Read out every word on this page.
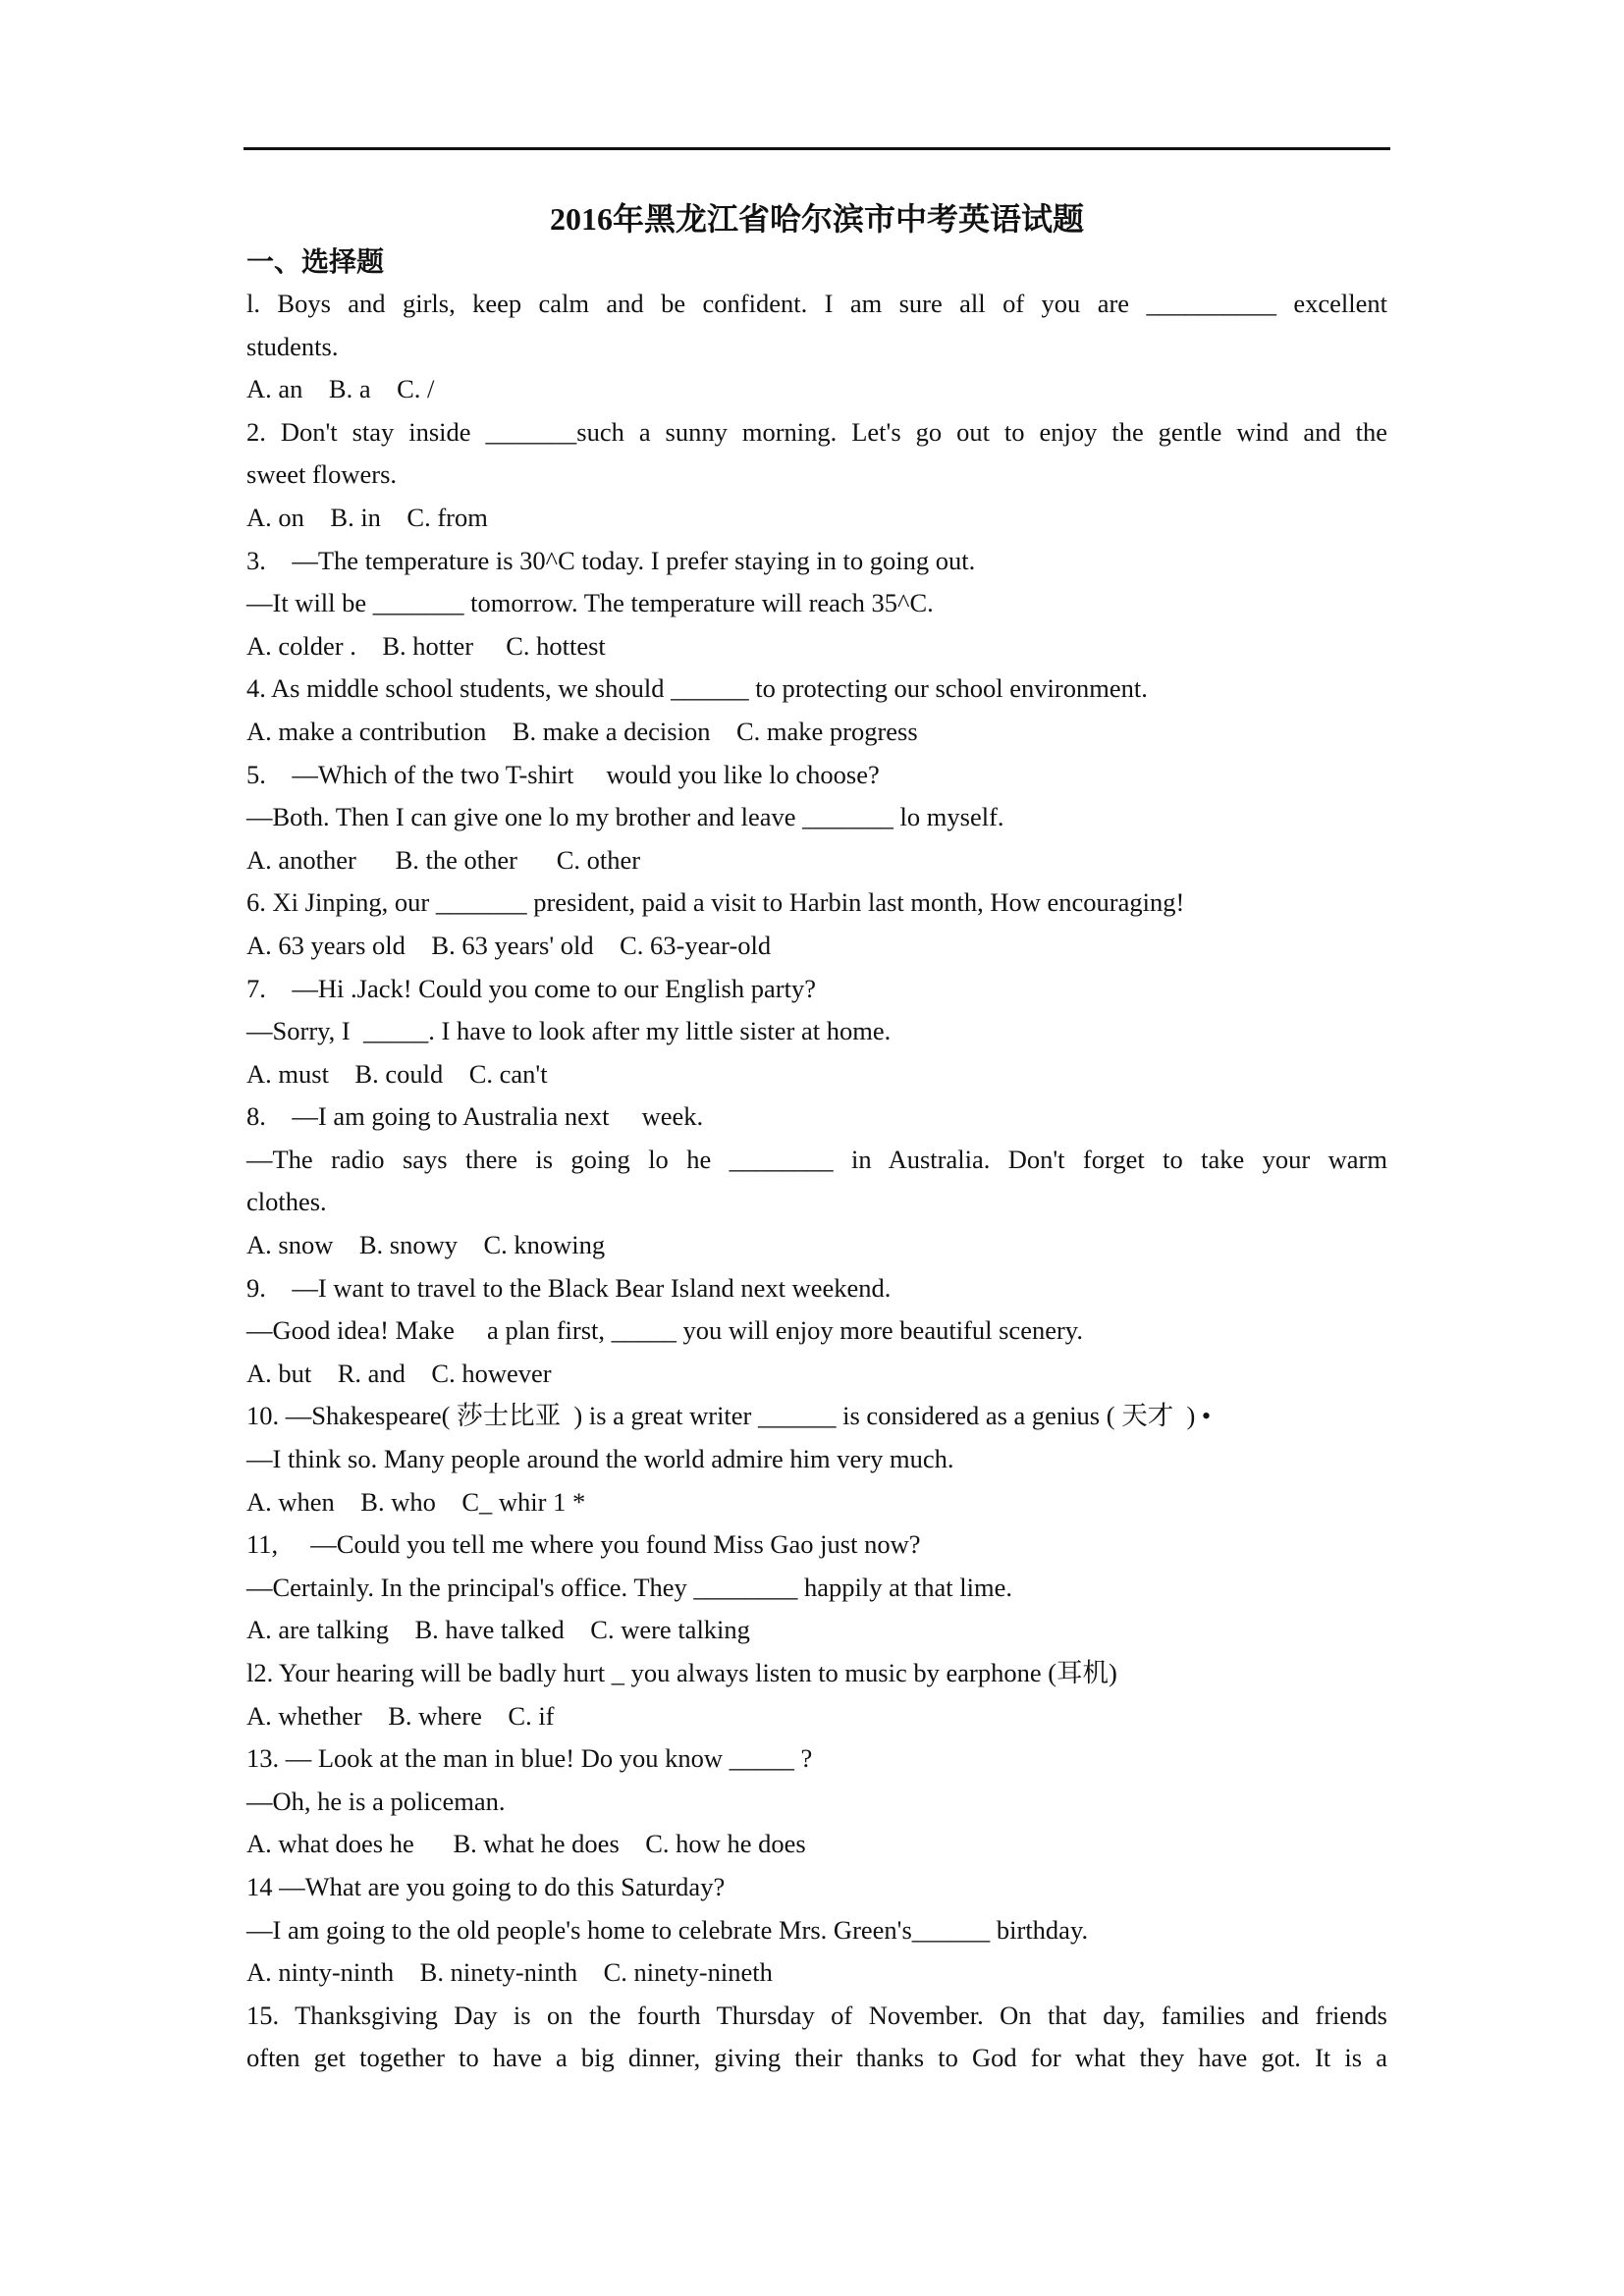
2016年黑龙江省哈尔滨市中考英语试题
一、选择题
l. Boys and girls, keep calm and be confident. I am sure all of you are __________ excellent
students.
A. an    B. a    C. /
2. Don't stay inside _______such a sunny morning. Let's go out to enjoy the gentle wind and the
sweet flowers.
A. on    B. in    C. from
3.    —The temperature is 30^C today. I prefer staying in to going out.
—It will be _______ tomorrow. The temperature will reach 35^C.
A. colder .    B. hotter     C. hottest
4. As middle school students, we should ______ to protecting our school environment.
A. make a contribution    B. make a decision    C. make progress
5.    —Which of the two T-shirt     would you like lo choose?
—Both. Then I can give one lo my brother and leave _______ lo myself.
A. another      B. the other      C. other
6. Xi Jinping, our _______ president, paid a visit to Harbin last month, How encouraging!
A. 63 years old    B. 63 years' old    C. 63-year-old
7.    —Hi .Jack! Could you come to our English party?
—Sorry, I  _____. I have to look after my little sister at home.
A. must    B. could    C. can't
8.    —I am going to Australia next     week.
—The radio says there is going lo he ________ in Australia. Don't forget to take your warm
clothes.
A. snow    B. snowy    C. knowing
9.    —I want to travel to the Black Bear Island next weekend.
—Good idea! Make     a plan first, _____ you will enjoy more beautiful scenery.
A. but    R. and    C. however
10. —Shakespeare( 莎士比亚  ) is a great writer ______ is considered as a genius ( 天才  ) •
—I think so. Many people around the world admire him very much.
A. when    B. who    C_ whir 1 *
11,     —Could you tell me where you found Miss Gao just now?
—Certainly. In the principal's office. They ________ happily at that lime.
A. are talking    B. have talked    C. were talking
l2. Your hearing will be badly hurt _ you always listen to music by earphone (耳机)
A. whether    B. where    C. if
13. — Look at the man in blue! Do you know _____ ?
—Oh, he is a policeman.
A. what does he      B. what he does    C. how he does
14 —What are you going to do this Saturday?
—I am going to the old people's home to celebrate Mrs. Green's______ birthday.
A. ninty-ninth    B. ninety-ninth    C. ninety-nineth
15. Thanksgiving Day is on the fourth Thursday of November. On that day, families and friends
often get together to have a big dinner, giving their thanks to God for what they have got. It is a
